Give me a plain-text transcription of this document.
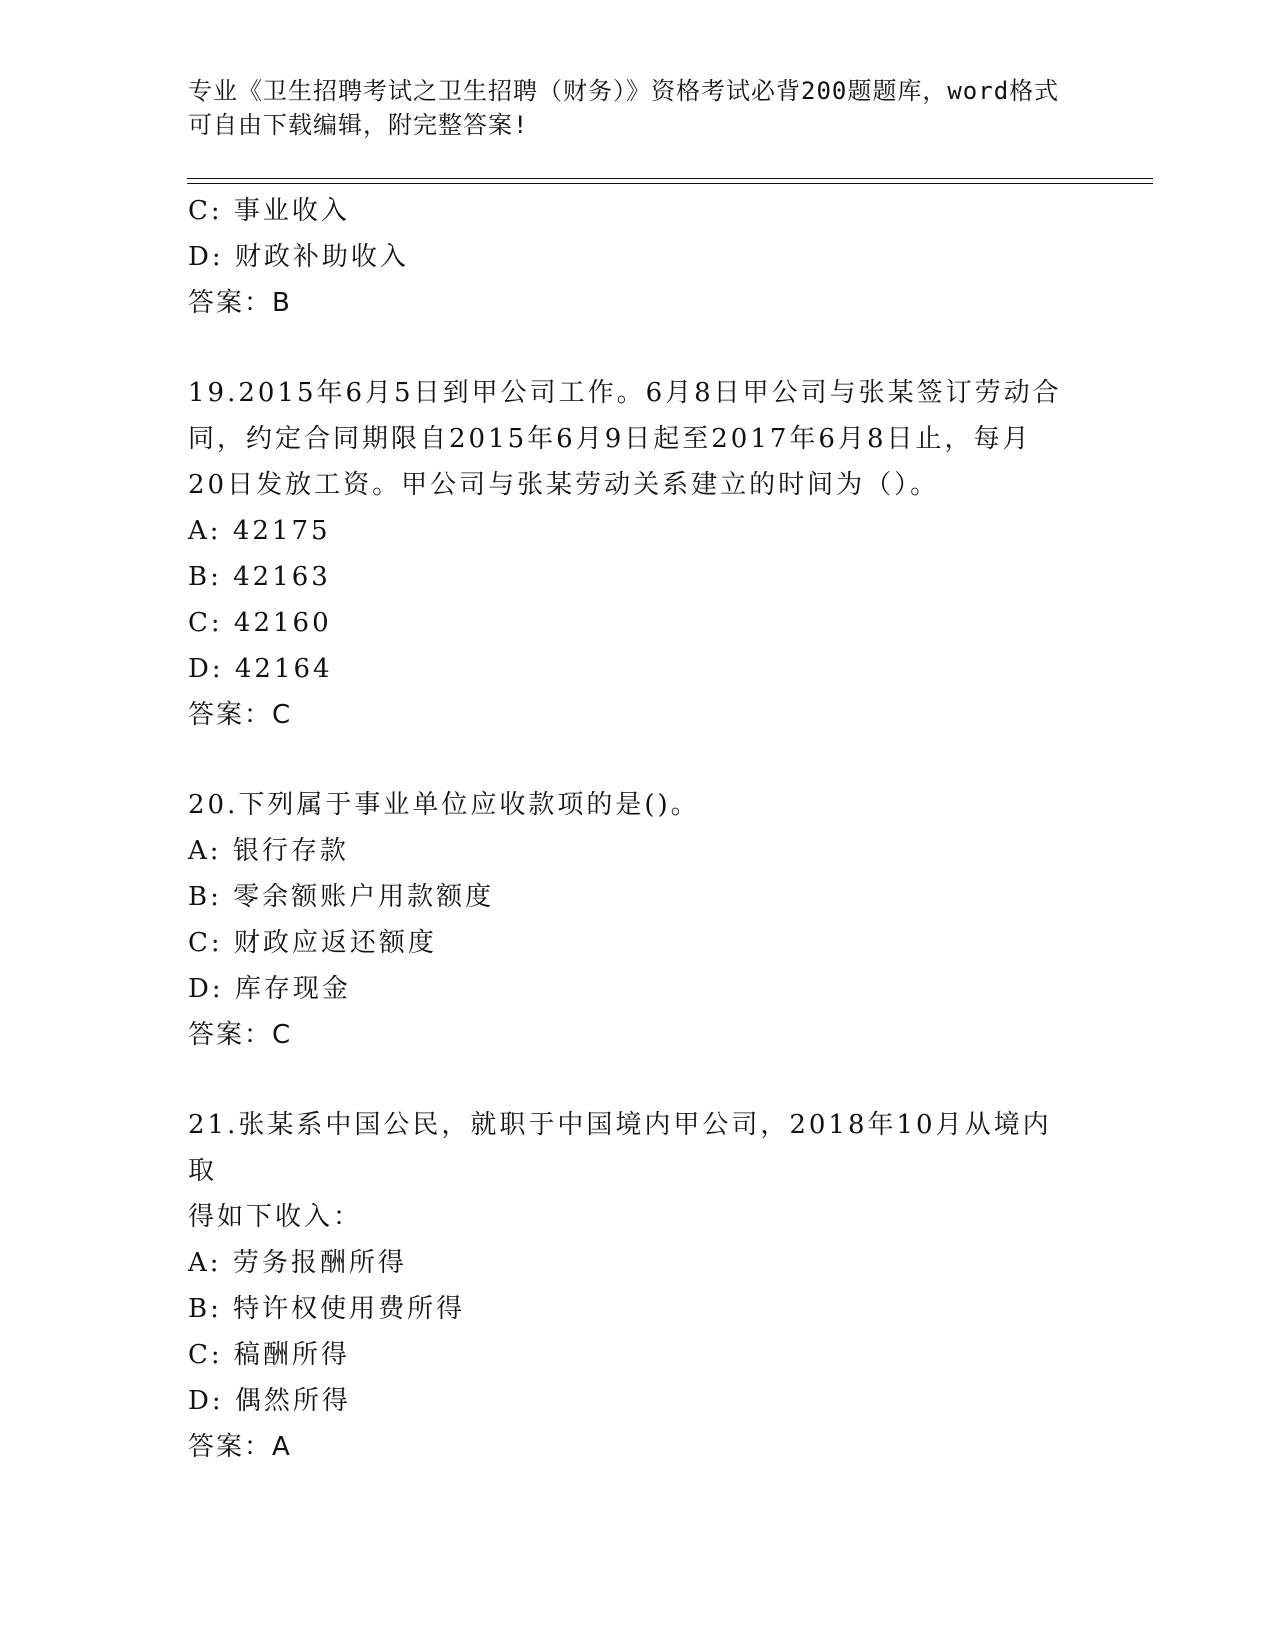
专业《卫生招聘考试之卫生招聘（财务）》资格考试必背200题题库，word格式
可自由下载编辑，附完整答案!
C: 事业收入
D: 财政补助收入
答案：B
19.2015年6月5日到甲公司工作。6月8日甲公司与张某签订劳动合
同，约定合同期限自2015年6月9日起至2017年6月8日止，每月
20日发放工资。甲公司与张某劳动关系建立的时间为（）。
A: 42175
B: 42163
C: 42160
D: 42164
答案：C
20.下列属于事业单位应收款项的是()。
A: 银行存款
B: 零余额账户用款额度
C: 财政应返还额度
D: 库存现金
答案：C
21.张某系中国公民，就职于中国境内甲公司，2018年10月从境内取
得如下收入：
A: 劳务报酬所得
B: 特许权使用费所得
C: 稿酬所得
D: 偶然所得
答案：A
